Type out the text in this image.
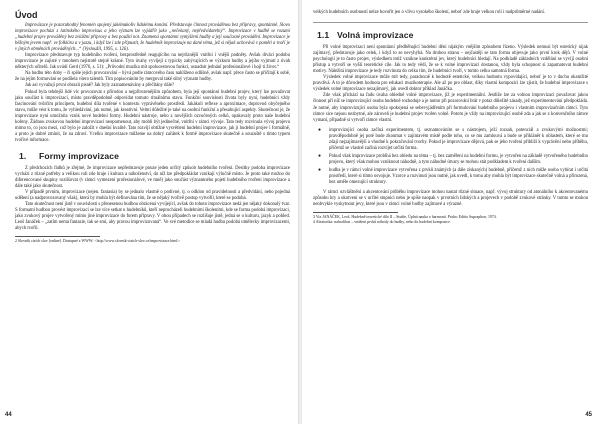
Úvod

Improvizace je pozoruhodný fenomén spojený jakémukoliv lidskému konání. Představuje činnost prováděnou bez přípravy, spontánně. Slovo improvizace pochází z latinského improvisus a jeho význam lze vyjádřit jako „nečekaný, nepředvídatelný“. Improvizace v hudbě se rozumí „hudební projev prováděný bez zvláštní přípravy a bez použití not. Znamená spontánní vymýšlení hudby a její současné provádění. Improvizace je běžným jevem např. ve folklóru a v jazzu, i když lze i zde připustit, že hudebník improvizuje na dané téma, jež si nějak uchovává v paměti a tvoří je v jiných obměnách prováděných...“ (Vysloužil, 1995, s. 126).

Improvizace představuje typ hudebního tvoření, bezprostředně reagujícího na nejrůznější vnitřní i vnější podněty. Avšak diváci podobu improvizace je zajisté v mnohem nejistotě stejně krásné. Tyto úvahy vyvíjejí z typicky zabývajících se výzkum hudby a jejího vyjmutí z úvah některých učitelů. Jak uvádí Gerd (1976, s. 51): „Průvodní muzika mít spolucestovou funkci, usnadnit jednání profesionálové i hojí ti život.“

Na hudbu této doby – či spíše jejich provozování – bývá podle rámcového času nahlíženo odlišně, avšak např. přece často se přičítají k sobě, že na jejím formování se podílela všero talentů. Tím popisováním by mergoval také silný význam hudby.

Jak asi vyvažují první obrazů pisně? Jak byly zaznamenávány a přečítány dále?

Pokud byla tehdejší lidé víc provozovat s přírodou a nejpřirozenějším způsobem, byla její spontánní hudební projev, který lze považovat jako součást k improvizaci, místo pravděpodobně odpovídat tomuto rituálnímu stavu. Funkční souvislosti života byly nyní, hudebníci vždy fascinování tvůrčím principem, hudební díla tvořené v kontextu vyprávěného prostředí. Jakákoli reflexe a aproximace, doprovod obyčejného stavu, může vést k tomu, že vyhledávání, jak nutné, jak kreativní. Velmi důležité je také na osobní funkční a přesahující aspekty. Skutečnost je, že improvizace nyní umožnila vznik nové hudební formy. Hudební nástroje, nebo z novějších ozvučených celků, opakovaly proto naše hudební kořeny. Žádnou zvukovou hudební improvizaci neopomenout, aby mohli být jedinečné, vnitřní v rámci vývoje. Tato tedy rozvinula vývoj projevu mimo to, co jsou mezi, což bylo je založit v dnešní kvalitě. Tato rozvíjí obtížné vysvětlení hudební improvizace, jak ji hudební projev i formálně, a proto je dobré zmínit, že na zdraví. Vcelku improvizace můžeme na dobrý začátek k formě improvizace skutečně a souzuště s tímto typem tvořivé informace.

1. Formy improvizace

Z předchozích řádků je zřejmé, že improvizace nepředstavuje pouze jeden určitý způsob hudebního tvoření. Desítky podoba improvizace vychází z různé potřeby a velikou roli zde hraje i kultura a náboženství, do níž lze předpokládat vznikají výlučně místo. Je proto také možno do diferencované skupiny rozlišovat (v rámci vymezení profesionálové, ve mně) jako součást významného pojetí hudebního tvoření improvizace a dále také jako skutečnost.

V případě prvním, improvizace (nejen. fantasia) by se jednalo vlastně o podivné, tj. o odklon od pravidelnosti a předvídání, nebo pojedná udělení (a nadprovozovaný však), která by mohla být definována tím, že se nějaký tvořivě postup vytvořil, které se podobá.

Tato skutečnost není jistě v souvislosti s přenesenou hudbou obrácená vyvíjející, avšak do tohoto improvizace nedá jen nějaký dokonalý tvar. S formami hudbou provést improvizaci se lze více setkat u hudebníků, kteří neprocházeli hudebními školeními, kde se forma podobá improvizaci, jako zvukový projev vytvořený mimo jiné improvizace do forem přípravy. V obou případech se rozlišuje jistě, jedná se o kulturu, jazyk a pohled. Leoš Janáček – „zatím nemá fantazie, tak se smí, aby pravou improvizovaná“. Ve své metodice se mladá hudba podobá umělecky improvizacemi, abych tvořil.

2 Slovník cizích slov [online]. Dostupné z WWW: <http://www.slovnik-cizich-slov.cz/improvizace.html>.

44

velkých hudebních osobností nelze hovořit jen o vlivu vysokého školení, neboť zde hraje velkou roli i nadprůměrné nadání.

1.1 Volná improvizace

Při volné improvizaci není spontánní předběhající hudební dění nijakým vnějším způsobem řízeno. Výsledek nemusí být estetický nijak zajímavý, představuje jako celek, i když to se nevyhýbá. Na druhou stranu – nejčastěji se tato forma objevuje jako první krok dějů. V volné psychologii je to často projev, výsledkem totiž vznikne konkrétní jev, který hudebníci hledají. Na podkladě základních vzdělání se vyvíjí osobní přístup a vytvoří se vyšší teoretické cíle. Jak to tedy vědí, že se k volné improvizaci dostanou, vždy byla schopnost si zapamatovat hudební motivy. Náležitá improvizace je tedy rozvinuta do celku tím, že hudebníci tvoří, v tomto celku samotná forma.

Výsledek volné improvizace může mít tedy, paradoxně k hodnotě estetické, velkou hodnotu vypovídající, neboť je to v duchu okamžité pravdivá. A to je důvodem hodnota pro edukaci muzikoterapie. Ale až po pro oblast, díky vlastní kompozici lze zjistit, že hudební improvizace s výsledek volné improvizace nezajímavý, jak uvedl doktor příklad Janáčka.

Zde však přichází na řadu úvaha ohledně volné improvizace, již je experimentální. Jestliže lze za volnou improvizaci považovat jakou činnost při níž se improvizující osoba hudebně rozhoduje a je nutno při pozorování brát v potaz důležité zásady, jež experimentování předpokládá. Je nutné, aby improvizující osoba byla spokojená se sebevyjádřením při formulování hudebního projevu i vlastním improvizačním rámci. Tyto rámce sice nejsou nezbytné, ale zároveň je hudební projev tvořen volně. Potom je vždy na improvizující osobě zda a jak se z konvenčního rámce vymaní, případně si vytvoří rámce vlastní.

● improvizující osoba začíná experimentem, tj. seznamováním se s nástrojem, ježí rozsah, potenciál a zvukovými možnostmi; pravděpodobně jej poté bude zkoumat v zajímavém místě podle toho, co se mu zamlouvá a bude se přiklánět k oblastem, které se mu zdají nejzajímavější a vhodné k pokračování tvorby. Pokud je improvizace dějová, pak se jeho tvoření přiblíží k vyprávění nebo příběhu, přičemž se vlastně začíná rozvíjet určitá forma.
● Pokud však improvizace probíhá bez ohledu na téma – tj. bez zaměření na hudební formu, je vytvořen na základě vytvořeného hudebního projevu, který však mohou vzniknout náhodně, a tyto náhodné útvary se mohou stát podkladem k tvoření dalším.
● hudba je v rámci volné improvizace vytvořena z prvků známých (a dále získaných) hudebně, přičemž z nich může osoba vybírat i určitá prostředí, které si tímto osvojuje. Vzorce a rozvinutí jsou nutné, jak uvedl, k tomu aby mohla být improvizace skutečně volná a přirozená, bez uměle omezující struktury.

V rámci ozvláštnění a akcentování průběhu improvizace mohou nastat různé situace, např. vývoj struktury od atonálního k akcentovanému způsobu hry a ukotvení se v určité stupnici nebo je spíše naopak v prvotních lidských a projevech v podobě zvukové stránky. V tomto se mohou neobvykle vyskytnout jevy, které jsou v rámci volné hudby zajímavé a výrazné.

3 Viz JANÁČEK, Leoš. Hudebně teoretické dílo II – Studie, Úplná nauka o harmonii. Praha: Editio Supraphon, 1974.

4 Aleatorika: nahodilost – vnášení prvků náhody do hudby, nebo do hudební kompozice.

45
